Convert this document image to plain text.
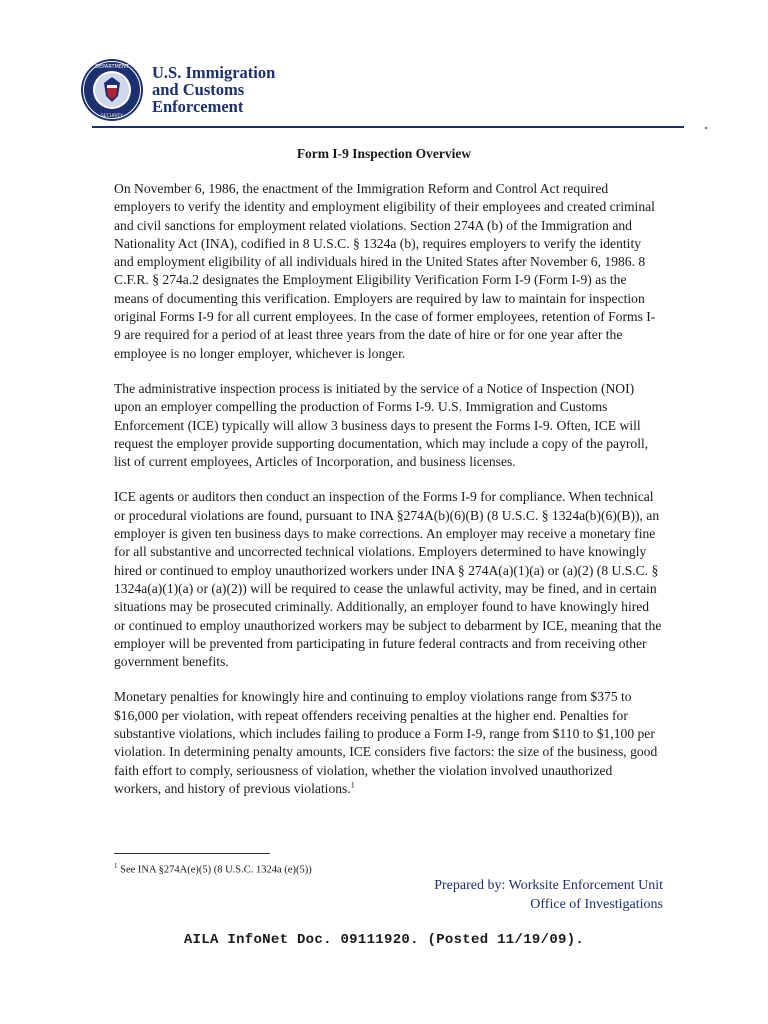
DEPARTMENT
SECURITY
U.S. Immigration
and Customs
Enforcement
Form I-9 Inspection Overview

On November 6, 1986, the enactment of the Immigration Reform and Control Act required employers to verify the identity and employment eligibility of their employees and created criminal and civil sanctions for employment related violations. Section 274A (b) of the Immigration and Nationality Act (INA), codified in 8 U.S.C. § 1324a (b), requires employers to verify the identity and employment eligibility of all individuals hired in the United States after November 6, 1986. 8 C.F.R. § 274a.2 designates the Employment Eligibility Verification Form I-9 (Form I-9) as the means of documenting this verification. Employers are required by law to maintain for inspection original Forms I-9 for all current employees. In the case of former employees, retention of Forms I-9 are required for a period of at least three years from the date of hire or for one year after the employee is no longer employer, whichever is longer.

The administrative inspection process is initiated by the service of a Notice of Inspection (NOI) upon an employer compelling the production of Forms I-9. U.S. Immigration and Customs Enforcement (ICE) typically will allow 3 business days to present the Forms I-9. Often, ICE will request the employer provide supporting documentation, which may include a copy of the payroll, list of current employees, Articles of Incorporation, and business licenses.

ICE agents or auditors then conduct an inspection of the Forms I-9 for compliance. When technical or procedural violations are found, pursuant to INA §274A(b)(6)(B) (8 U.S.C. § 1324a(b)(6)(B)), an employer is given ten business days to make corrections. An employer may receive a monetary fine for all substantive and uncorrected technical violations. Employers determined to have knowingly hired or continued to employ unauthorized workers under INA § 274A(a)(1)(a) or (a)(2) (8 U.S.C. § 1324a(a)(1)(a) or (a)(2)) will be required to cease the unlawful activity, may be fined, and in certain situations may be prosecuted criminally. Additionally, an employer found to have knowingly hired or continued to employ unauthorized workers may be subject to debarment by ICE, meaning that the employer will be prevented from participating in future federal contracts and from receiving other government benefits.

Monetary penalties for knowingly hire and continuing to employ violations range from $375 to $16,000 per violation, with repeat offenders receiving penalties at the higher end. Penalties for substantive violations, which includes failing to produce a Form I-9, range from $110 to $1,100 per violation. In determining penalty amounts, ICE considers five factors: the size of the business, good faith effort to comply, seriousness of violation, whether the violation involved unauthorized workers, and history of previous violations.$^1$

$^1$ See INA §274A(e)(5) (8 U.S.C. 1324a (e)(5))
Prepared by: Worksite Enforcement Unit
Office of Investigations
AILA InfoNet Doc. 09111920. (Posted 11/19/09).
